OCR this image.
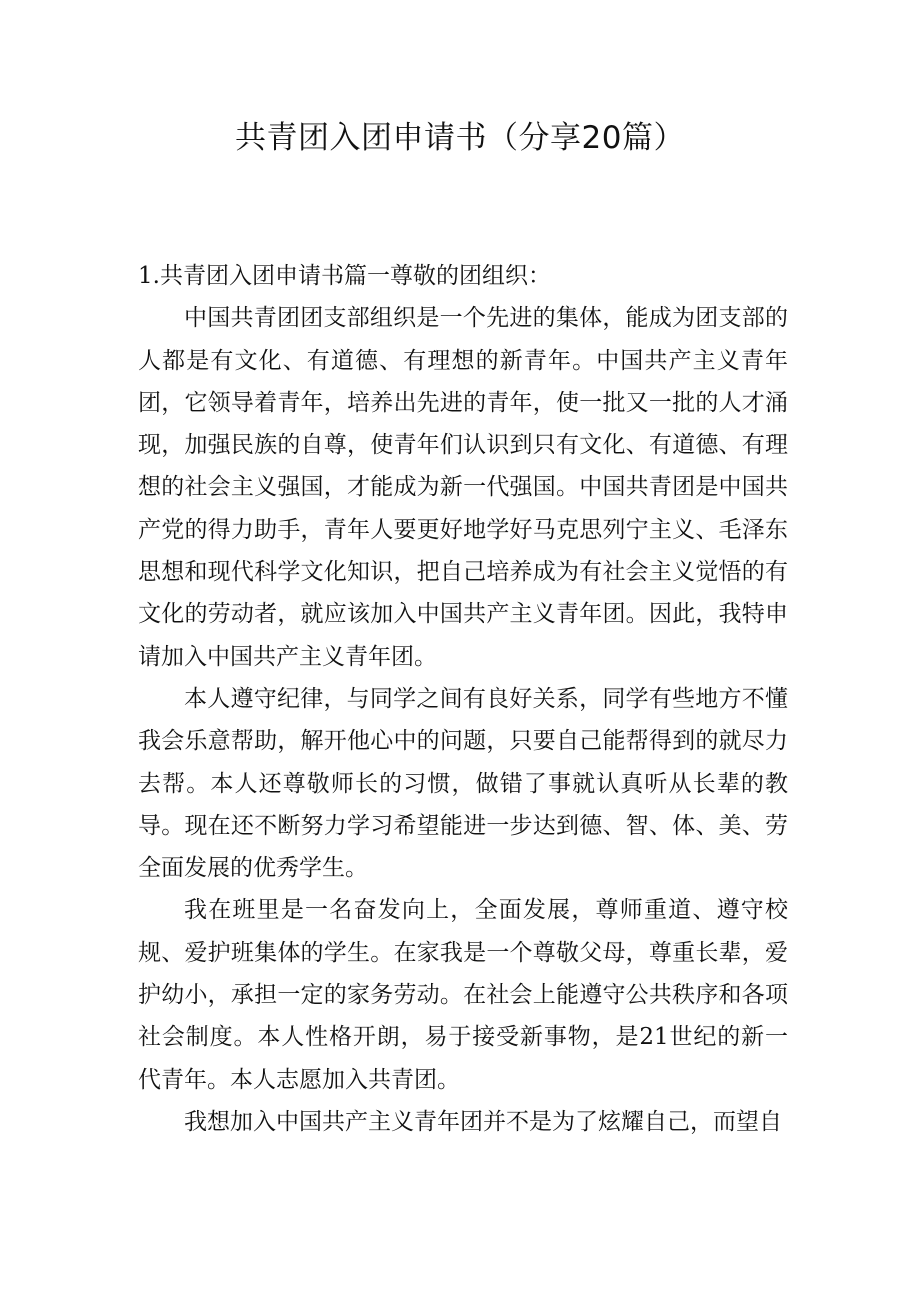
共青团入团申请书（分享20篇）

1.共青团入团申请书篇一尊敬的团组织：

中国共青团团支部组织是一个先进的集体，能成为团支部的人都是有文化、有道德、有理想的新青年。中国共产主义青年团，它领导着青年，培养出先进的青年，使一批又一批的人才涌现，加强民族的自尊，使青年们认识到只有文化、有道德、有理想的社会主义强国，才能成为新一代强国。中国共青团是中国共产党的得力助手，青年人要更好地学好马克思列宁主义、毛泽东思想和现代科学文化知识，把自己培养成为有社会主义觉悟的有文化的劳动者，就应该加入中国共产主义青年团。因此，我特申请加入中国共产主义青年团。

本人遵守纪律，与同学之间有良好关系，同学有些地方不懂我会乐意帮助，解开他心中的问题，只要自己能帮得到的就尽力去帮。本人还尊敬师长的习惯，做错了事就认真听从长辈的教导。现在还不断努力学习希望能进一步达到德、智、体、美、劳全面发展的优秀学生。

我在班里是一名奋发向上，全面发展，尊师重道、遵守校规、爱护班集体的学生。在家我是一个尊敬父母，尊重长辈，爱护幼小，承担一定的家务劳动。在社会上能遵守公共秩序和各项社会制度。本人性格开朗，易于接受新事物，是21世纪的新一代青年。本人志愿加入共青团。

我想加入中国共产主义青年团并不是为了炫耀自己，而望自
